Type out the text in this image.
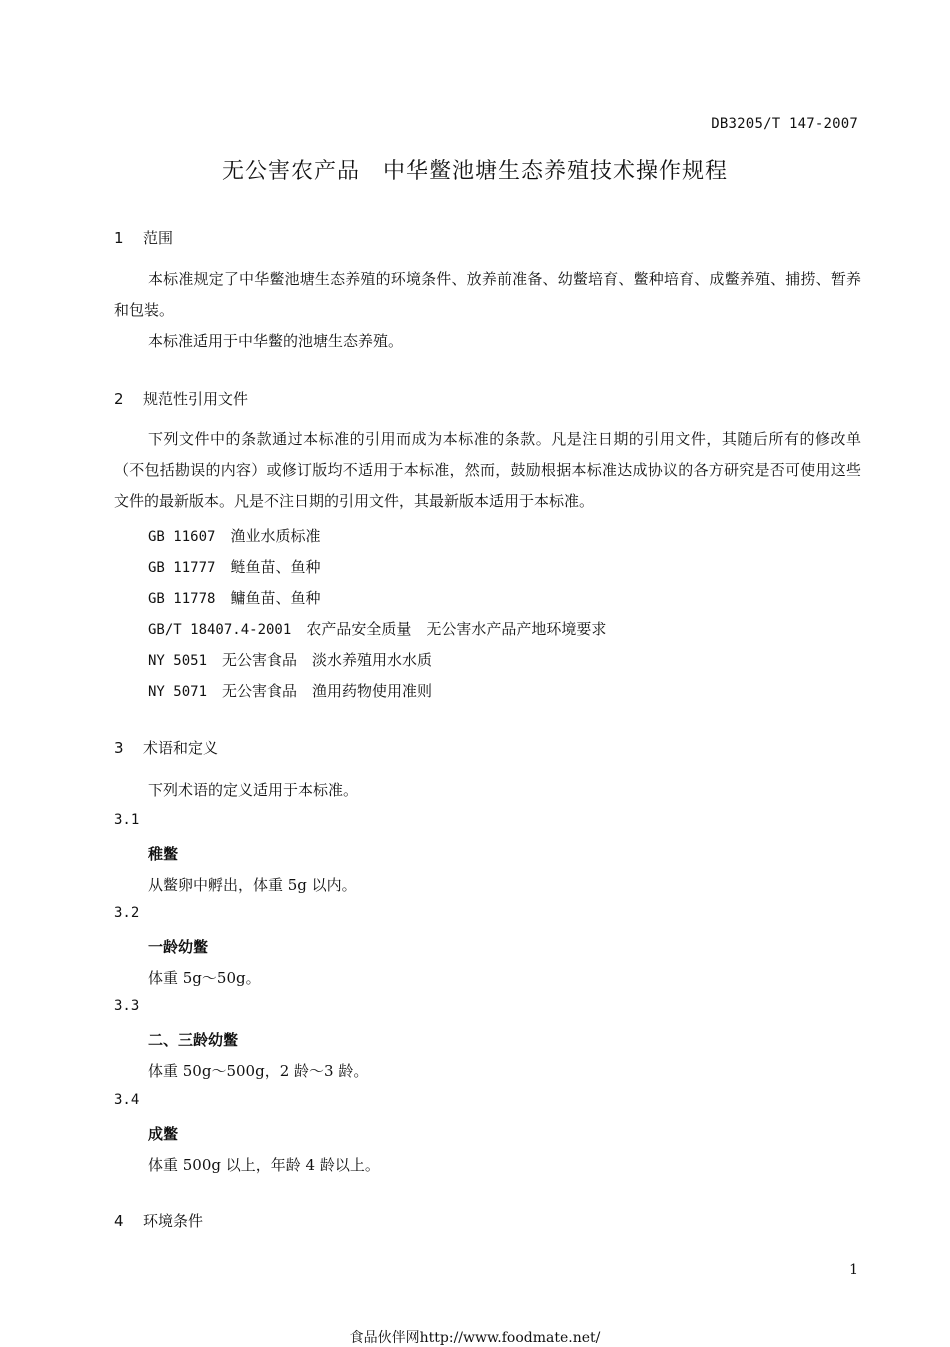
DB3205/T 147-2007
无公害农产品　中华鳖池塘生态养殖技术操作规程
1 范围

本标准规定了中华鳖池塘生态养殖的环境条件、放养前准备、幼鳖培育、鳖种培育、成鳖养殖、捕捞、暂养和包装。

本标准适用于中华鳖的池塘生态养殖。

2 规范性引用文件

下列文件中的条款通过本标准的引用而成为本标准的条款。凡是注日期的引用文件，其随后所有的修改单（不包括勘误的内容）或修订版均不适用于本标准，然而，鼓励根据本标准达成协议的各方研究是否可使用这些文件的最新版本。凡是不注日期的引用文件，其最新版本适用于本标准。

GB 11607　 渔业水质标准
GB 11777　 鲢鱼苗、鱼种
GB 11778　 鳙鱼苗、鱼种
GB/T 18407.4-2001　 农产品安全质量　无公害水产品产地环境要求
NY 5051　 无公害食品　淡水养殖用水水质
NY 5071　 无公害食品　渔用药物使用准则
3 术语和定义
下列术语的定义适用于本标准。
3.1
稚鳖
从鳖卵中孵出，体重 5g 以内。
3.2
一龄幼鳖
体重 5g～50g。
3.3
二、三龄幼鳖
体重 50g～500g，2 龄～3 龄。
3.4
成鳖
体重 500g 以上，年龄 4 龄以上。
4 环境条件
1
食品伙伴网http://www.foodmate.net/
